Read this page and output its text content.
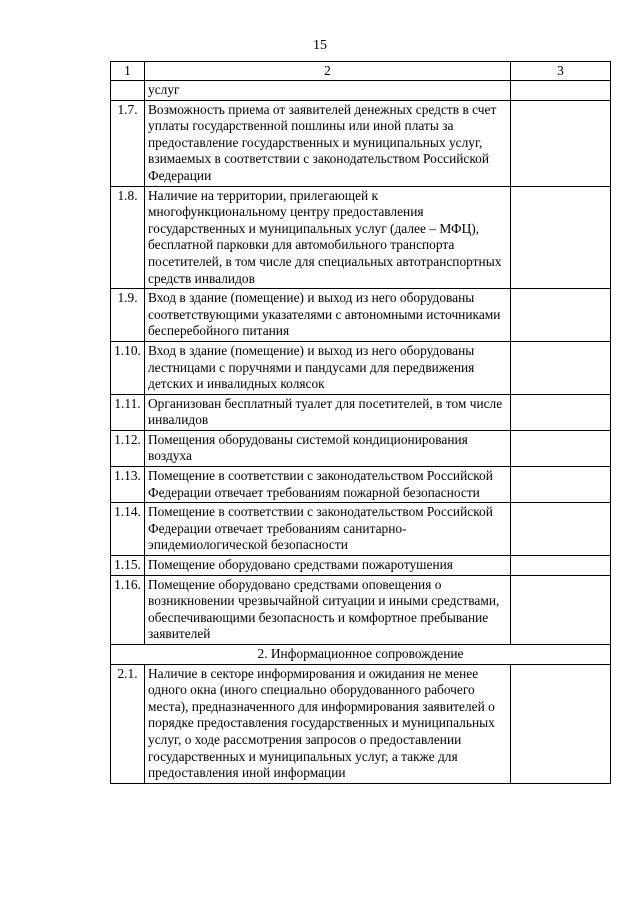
15
1	2	3
	услуг	
1.7.	Возможность приема от заявителей денежных средств в счет уплаты государственной пошлины или иной платы за предоставление государственных и муниципальных услуг, взимаемых в соответствии с законодательством Российской Федерации	
1.8.	Наличие на территории, прилегающей к многофункциональному центру предоставления государственных и муниципальных услуг (далее – МФЦ), бесплатной парковки для автомобильного транспорта посетителей, в том числе для специальных автотранспортных средств инвалидов	
1.9.	Вход в здание (помещение) и выход из него оборудованы соответствующими указателями с автономными источниками бесперебойного питания	
1.10.	Вход в здание (помещение) и выход из него оборудованы лестницами с поручнями и пандусами для передвижения детских и инвалидных колясок	
1.11.	Организован бесплатный туалет для посетителей, в том числе инвалидов	
1.12.	Помещения оборудованы системой кондиционирования воздуха	
1.13.	Помещение в соответствии с законодательством Российской Федерации отвечает требованиям пожарной безопасности	
1.14.	Помещение в соответствии с законодательством Российской Федерации отвечает требованиям санитарно-эпидемиологической безопасности	
1.15.	Помещение оборудовано средствами пожаротушения	
1.16.	Помещение оборудовано средствами оповещения о возникновении чрезвычайной ситуации и иными средствами, обеспечивающими безопасность и комфортное пребывание заявителей	
2. Информационное сопровождение		
2.1.	Наличие в секторе информирования и ожидания не менее одного окна (иного специально оборудованного рабочего места), предназначенного для информирования заявителей о порядке предоставления государственных и муниципальных услуг, о ходе рассмотрения запросов о предоставлении государственных и муниципальных услуг, а также для предоставления иной информации	
